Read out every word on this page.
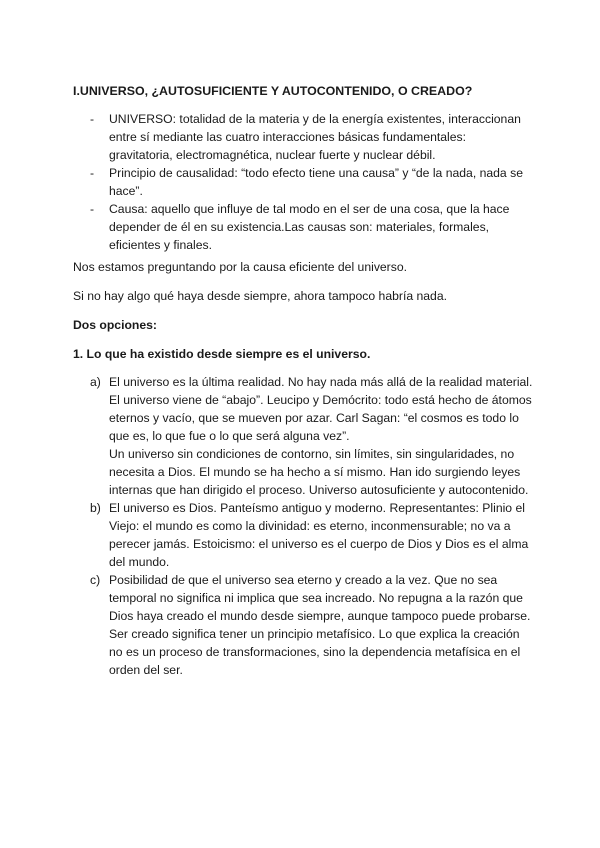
I.UNIVERSO, ¿AUTOSUFICIENTE Y AUTOCONTENIDO, O CREADO?
- UNIVERSO: totalidad de la materia y de la energía existentes, interaccionan entre sí mediante las cuatro interacciones básicas fundamentales: gravitatoria, electromagnética, nuclear fuerte y nuclear débil.
- Principio de causalidad: “todo efecto tiene una causa” y “de la nada, nada se hace”.
- Causa: aquello que influye de tal modo en el ser de una cosa, que la hace depender de él en su existencia.Las causas son: materiales, formales, eficientes y finales.
Nos estamos preguntando por la causa eficiente del universo.
Si no hay algo qué haya desde siempre, ahora tampoco habría nada.
Dos opciones:
1. Lo que ha existido desde siempre es el universo.
a) El universo es la última realidad. No hay nada más allá de la realidad material. El universo viene de “abajo”. Leucipo y Demócrito: todo está hecho de átomos eternos y vacío, que se mueven por azar. Carl Sagan: “el cosmos es todo lo que es, lo que fue o lo que será alguna vez”.
Un universo sin condiciones de contorno, sin límites, sin singularidades, no necesita a Dios. El mundo se ha hecho a sí mismo. Han ido surgiendo leyes internas que han dirigido el proceso. Universo autosuficiente y autocontenido.
b) El universo es Dios. Panteísmo antiguo y moderno. Representantes: Plinio el Viejo: el mundo es como la divinidad: es eterno, inconmensurable; no va a perecer jamás. Estoicismo: el universo es el cuerpo de Dios y Dios es el alma del mundo.
c) Posibilidad de que el universo sea eterno y creado a la vez. Que no sea temporal no significa ni implica que sea increado. No repugna a la razón que Dios haya creado el mundo desde siempre, aunque tampoco puede probarse. Ser creado significa tener un principio metafísico. Lo que explica la creación no es un proceso de transformaciones, sino la dependencia metafísica en el orden del ser.
